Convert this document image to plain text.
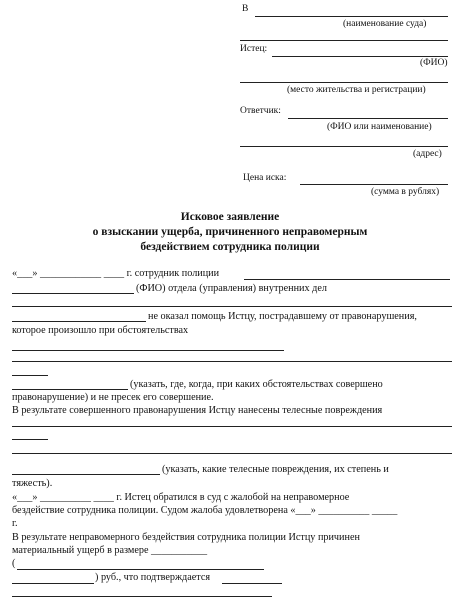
В
(наименование суда)
Истец:
(ФИО)
(место жительства и регистрации)
Ответчик:
(ФИО или наименование)
(адрес)
Цена иска:
(сумма в рублях)
Исковое заявление
о взыскании ущерба, причиненного неправомерным
бездействием сотрудника полиции
«___» ____________ ____ г. сотрудник полиции
(ФИО) отдела (управления) внутренних дел
не оказал помощь Истцу, пострадавшему от правонарушения,
которое произошло при обстоятельствах
(указать, где, когда, при каких обстоятельствах совершено
правонарушение) и не пресек его совершение.
В результате совершенного правонарушения Истцу нанесены телесные повреждения
(указать, какие телесные повреждения, их степень и
тяжесть).
«___» __________ ____ г. Истец обратился в суд с жалобой на неправомерное
бездействие сотрудника полиции. Судом жалоба удовлетворена «___» __________ _____
г.
В результате неправомерного бездействия сотрудника полиции Истцу причинен
материальный ущерб в размере ___________
(
) руб., что подтверждается
